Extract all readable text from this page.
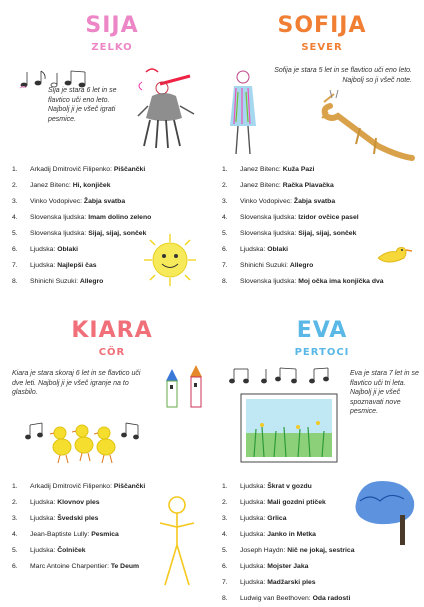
SIJA
ZELKO
Sija je stara 6 let in se flavtico uči eno leto. Najbolj ji je všeč igrati pesmice.
1.	Arkadij Dmitrovič Filipenko: Piščančki
2.	Janez Bitenc: Hi, konjiček
3.	Vinko Vodopivec: Žabja svatba
4.	Slovenska ljudska: Imam dolino zeleno
5.	Slovenska ljudska: Sijaj, sijaj, sonček
6.	Ljudska: Oblaki
7.	Ljudska: Najlepši čas
8.	Shinichi Suzuki: Allegro
SOFIJA
SEVER
Sofija je stara 5 let in se flavtico uči eno leto. Najbolj so ji všeč note.
1.	Janez Bitenc: Kuža Pazi
2.	Janez Bitenc: Račka Plavačka
3.	Vinko Vodopivec: Žabja svatba
4.	Slovenska ljudska: Izidor ovčice pasel
5.	Slovenska ljudska: Sijaj, sijaj, sonček
6.	Ljudska: Oblaki
7.	Shinichi Suzuki: Allegro
8.	Slovenska ljudska: Moj očka ima konjička dva
KIARA
CÖR
Kiara je stara skoraj 6 let in se flavtico uči dve leti. Najbolj ji je všeč igranje na to glasbilo.
1.	Arkadij Dmitrovič Filipenko: Piščančki
2.	Ljudska: Klovnov ples
3.	Ljudska: Švedski ples
4.	Jean-Baptiste Lully: Pesmica
5.	Ljudska: Čolniček
6.	Marc Antoine Charpentier: Te Deum
EVA
PERTOCI
Eva je stara 7 let in se flavtico uči tri leta. Najbolj ji je všeč spoznavati nove pesmice.
1.	Ljudska: Škrat v gozdu
2.	Ljudska: Mali gozdni ptiček
3.	Ljudska: Grlica
4.	Ljudska: Janko in Metka
5.	Joseph Haydn: Nič ne jokaj, sestrica
6.	Ljudska: Mojster Jaka
7.	Ljudska: Madžarski ples
8.	Ludwig van Beethoven: Oda radosti
